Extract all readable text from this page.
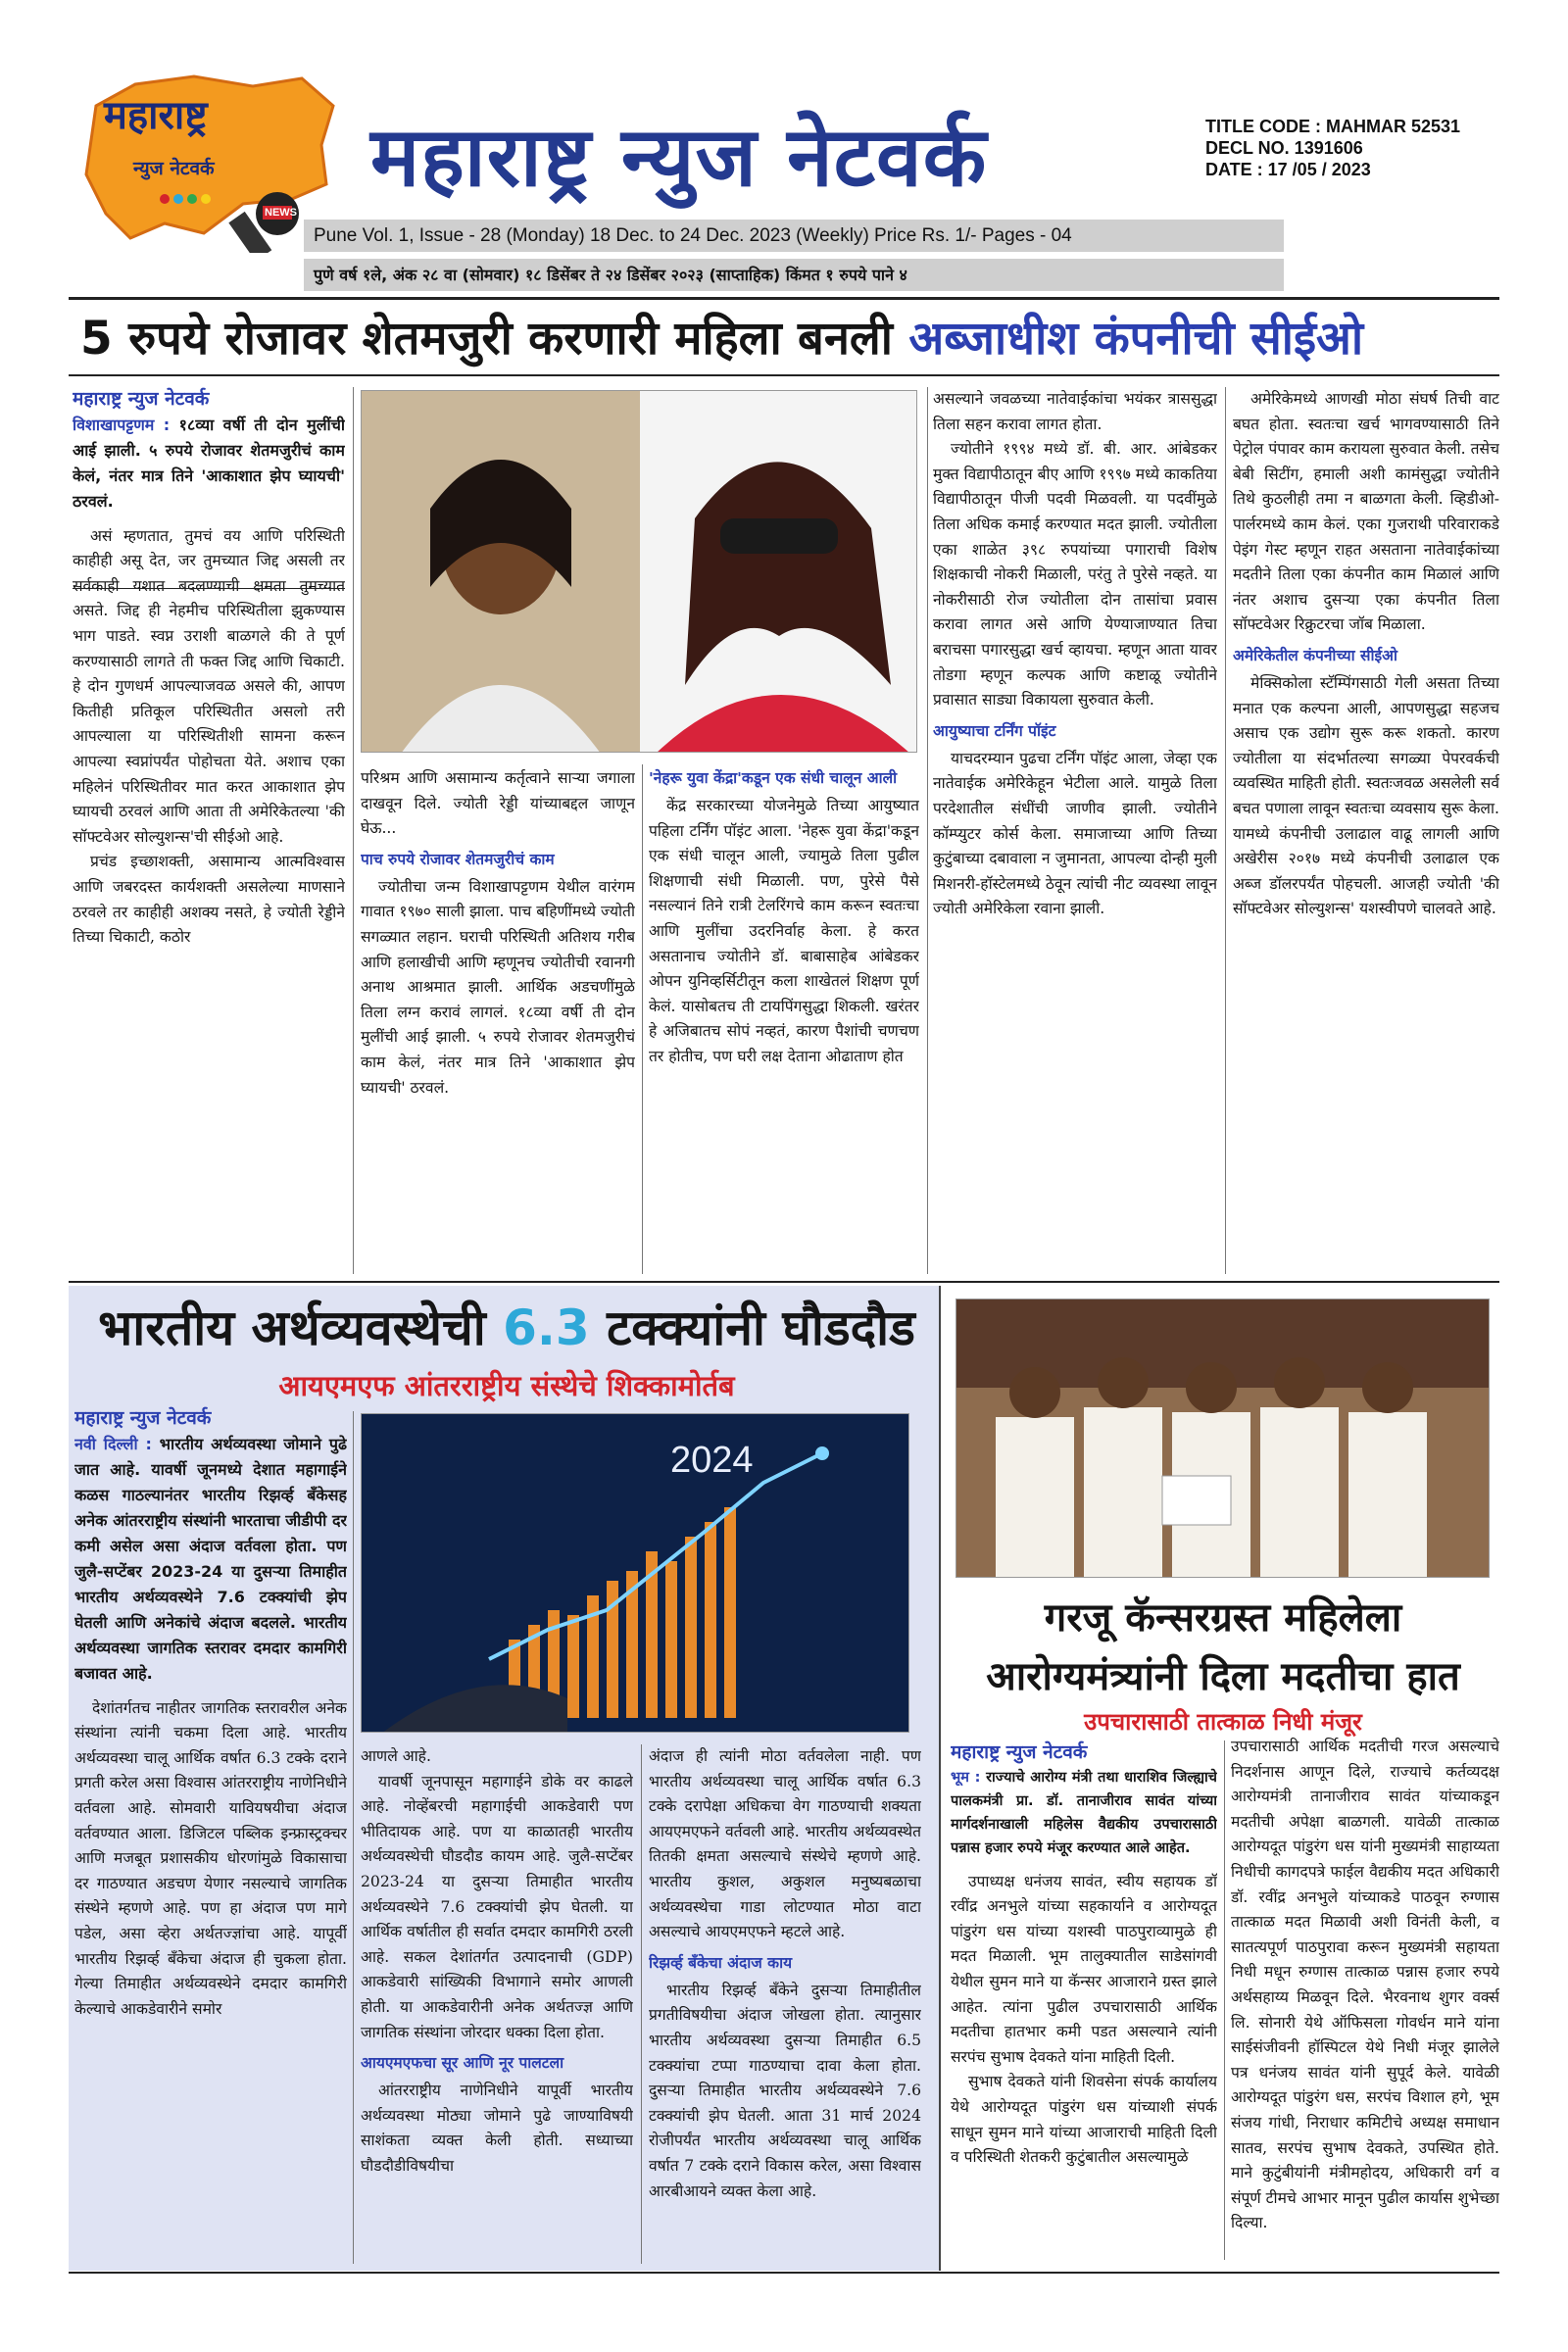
महाराष्ट्र
न्युज नेटवर्क
NEWS
महाराष्ट्र न्युज नेटवर्क	TITLE CODE : MAHMAR 52531
DECL NO. 1391606
DATE : 17 /05 / 2023
Pune Vol. 1, Issue - 28 (Monday) 18 Dec. to 24 Dec. 2023 (Weekly) Price Rs. 1/- Pages - 04
पुणे वर्ष १ले, अंक २८ वा (सोमवार) १८ डिसेंबर ते २४ डिसेंबर २०२३ (साप्ताहिक) किंमत १ रुपये पाने ४
5 रुपये रोजावर शेतमजुरी करणारी महिला बनली अब्जाधीश कंपनीची सीईओ
महाराष्ट्र न्युज नेटवर्क
विशाखापट्टणम : १८व्या वर्षी ती दोन मुलींची आई झाली. ५ रुपये रोजावर शेतमजुरीचं काम केलं, नंतर मात्र तिने 'आकाशात झेप घ्यायची' ठरवलं.

असं म्हणतात, तुमचं वय आणि परिस्थिती काहीही असू देत, जर तुमच्यात जिद्द असली तर सर्वकाही यशात बदलण्याची क्षमता तुमच्यात असते. जिद्द ही नेहमीच परिस्थितीला झुकण्यास भाग पाडते. स्वप्न उराशी बाळगले की ते पूर्ण करण्यासाठी लागते ती फक्त जिद्द आणि चिकाटी. हे दोन गुणधर्म आपल्याजवळ असले की, आपण कितीही प्रतिकूल परिस्थितीत असलो तरी आपल्याला या परिस्थितीशी सामना करून आपल्या स्वप्नांपर्यंत पोहोचता येते. अशाच एका महिलेनं परिस्थितीवर मात करत आकाशात झेप घ्यायची ठरवलं आणि आता ती अमेरिकेतल्या 'की सॉफ्टवेअर सोल्युशन्स'ची सीईओ आहे.

प्रचंड इच्छाशक्ती, असामान्य आत्मविश्वास आणि जबरदस्त कार्यशक्ती असलेल्या माणसाने ठरवले तर काहीही अशक्य नसते, हे ज्योती रेड्डीने तिच्या चिकाटी, कठोर

परिश्रम आणि असामान्य कर्तृत्वाने साऱ्या जगाला दाखवून दिले. ज्योती रेड्डी यांच्याबद्दल जाणून घेऊ...

पाच रुपये रोजावर शेतमजुरीचं काम

ज्योतीचा जन्म विशाखापट्टणम येथील वारंगम गावात १९७० साली झाला. पाच बहिणींमध्ये ज्योती सगळ्यात लहान. घराची परिस्थिती अतिशय गरीब आणि हलाखीची आणि म्हणूनच ज्योतीची रवानगी अनाथ आश्रमात झाली. आर्थिक अडचणींमुळे तिला लग्न करावं लागलं. १८व्या वर्षी ती दोन मुलींची आई झाली. ५ रुपये रोजावर शेतमजुरीचं काम केलं, नंतर मात्र तिने 'आकाशात झेप घ्यायची' ठरवलं.

'नेहरू युवा केंद्रा'कडून एक संधी चालून आली

केंद्र सरकारच्या योजनेमुळे तिच्या आयुष्यात पहिला टर्निंग पॉइंट आला. 'नेहरू युवा केंद्रा'कडून एक संधी चालून आली, ज्यामुळे तिला पुढील शिक्षणाची संधी मिळाली. पण, पुरेसे पैसे नसल्यानं तिने रात्री टेलरिंगचे काम करून स्वतःचा आणि मुलींचा उदरनिर्वाह केला. हे करत असतानाच ज्योतीने डॉ. बाबासाहेब आंबेडकर ओपन युनिव्हर्सिटीतून कला शाखेतलं शिक्षण पूर्ण केलं. यासोबतच ती टायपिंगसुद्धा शिकली. खरंतर हे अजिबातच सोपं नव्हतं, कारण पैशांची चणचण तर होतीच, पण घरी लक्ष देताना ओढाताण होत

असल्याने जवळच्या नातेवाईकांचा भयंकर त्राससुद्धा तिला सहन करावा लागत होता.

ज्योतीने १९९४ मध्ये डॉ. बी. आर. आंबेडकर मुक्त विद्यापीठातून बीए आणि १९९७ मध्ये काकतिया विद्यापीठातून पीजी पदवी मिळवली. या पदवींमुळे तिला अधिक कमाई करण्यात मदत झाली. ज्योतीला एका शाळेत ३९८ रुपयांच्या पगाराची विशेष शिक्षकाची नोकरी मिळाली, परंतु ते पुरेसे नव्हते. या नोकरीसाठी रोज ज्योतीला दोन तासांचा प्रवास करावा लागत असे आणि येण्याजाण्यात तिचा बराचसा पगारसुद्धा खर्च व्हायचा. म्हणून आता यावर तोडगा म्हणून कल्पक आणि कष्टाळू ज्योतीने प्रवासात साड्या विकायला सुरुवात केली.

आयुष्याचा टर्निंग पॉइंट

याचदरम्यान पुढचा टर्निंग पॉइंट आला, जेव्हा एक नातेवाईक अमेरिकेहून भेटीला आले. यामुळे तिला परदेशातील संधींची जाणीव झाली. ज्योतीने कॉम्प्युटर कोर्स केला. समाजाच्या आणि तिच्या कुटुंबाच्या दबावाला न जुमानता, आपल्या दोन्ही मुली मिशनरी-हॉस्टेलमध्ये ठेवून त्यांची नीट व्यवस्था लावून ज्योती अमेरिकेला रवाना झाली.

अमेरिकेमध्ये आणखी मोठा संघर्ष तिची वाट बघत होता. स्वतःचा खर्च भागवण्यासाठी तिने पेट्रोल पंपावर काम करायला सुरुवात केली. तसेच बेबी सिटींग, हमाली अशी कामंसुद्धा ज्योतीने तिथे कुठलीही तमा न बाळगता केली. व्हिडीओ-पार्लरमध्ये काम केलं. एका गुजराथी परिवाराकडे पेइंग गेस्ट म्हणून राहत असताना नातेवाईकांच्या मदतीने तिला एका कंपनीत काम मिळालं आणि नंतर अशाच दुसऱ्या एका कंपनीत तिला सॉफ्टवेअर रिक्रुटरचा जॉब मिळाला.

अमेरिकेतील कंपनीच्या सीईओ

मेक्सिकोला स्टॅम्पिंगसाठी गेली असता तिच्या मनात एक कल्पना आली, आपणसुद्धा सहजच असाच एक उद्योग सुरू करू शकतो. कारण ज्योतीला या संदर्भातल्या सगळ्या पेपरवर्कची व्यवस्थित माहिती होती. स्वतःजवळ असलेली सर्व बचत पणाला लावून स्वतःचा व्यवसाय सुरू केला. यामध्ये कंपनीची उलाढाल वाढू लागली आणि अखेरीस २०१७ मध्ये कंपनीची उलाढाल एक अब्ज डॉलरपर्यंत पोहचली. आजही ज्योती 'की सॉफ्टवेअर सोल्युशन्स' यशस्वीपणे चालवते आहे.

भारतीय अर्थव्यवस्थेची 6.3 टक्क्यांनी घौडदौड
आयएमएफ आंतरराष्ट्रीय संस्थेचे शिक्कामोर्तब
महाराष्ट्र न्युज नेटवर्क
नवी दिल्ली : भारतीय अर्थव्यवस्था जोमाने पुढे जात आहे. यावर्षी जूनमध्ये देशात महागाईने कळस गाठल्यानंतर भारतीय रिझर्व्ह बँकेसह अनेक आंतरराष्ट्रीय संस्थांनी भारताचा जीडीपी दर कमी असेल असा अंदाज वर्तवला होता. पण जुलै-सप्टेंबर 2023-24 या दुसऱ्या तिमाहीत भारतीय अर्थव्यवस्थेने 7.6 टक्क्यांची झेप घेतली आणि अनेकांचे अंदाज बदलले. भारतीय अर्थव्यवस्था जागतिक स्तरावर दमदार कामगिरी बजावत आहे.

देशांतर्गतच नाहीतर जागतिक स्तरावरील अनेक संस्थांना त्यांनी चकमा दिला आहे. भारतीय अर्थव्यवस्था चालू आर्थिक वर्षात 6.3 टक्के दराने प्रगती करेल असा विश्वास आंतरराष्ट्रीय नाणेनिधीने वर्तवला आहे. सोमवारी यावियषयीचा अंदाज वर्तवण्यात आला. डिजिटल पब्लिक इन्फ्रास्ट्रक्चर आणि मजबूत प्रशासकीय धोरणांमुळे विकासाचा दर गाठण्यात अडचण येणार नसल्याचे जागतिक संस्थेने म्हणणे आहे. पण हा अंदाज पण मागे पडेल, असा व्हेरा अर्थतज्ज्ञांचा आहे. यापूर्वी भारतीय रिझर्व्ह बँकेचा अंदाज ही चुकला होता. गेल्या तिमाहीत अर्थव्यवस्थेने दमदार कामगिरी केल्याचे आकडेवारीने समोर

2024

आणले आहे.

यावर्षी जूनपासून महागाईने डोके वर काढले आहे. नोव्हेंबरची महागाईची आकडेवारी पण भीतिदायक आहे. पण या काळातही भारतीय अर्थव्यवस्थेची घौडदौड कायम आहे. जुलै-सप्टेंबर 2023-24 या दुसऱ्या तिमाहीत भारतीय अर्थव्यवस्थेने 7.6 टक्क्यांची झेप घेतली. या आर्थिक वर्षातील ही सर्वात दमदार कामगिरी ठरली आहे. सकल देशांतर्गत उत्पादनाची (GDP) आकडेवारी सांख्यिकी विभागाने समोर आणली होती. या आकडेवारीनी अनेक अर्थतज्ज्ञ आणि जागतिक संस्थांना जोरदार धक्का दिला होता.

आयएमएफचा सूर आणि नूर पालटला

आंतरराष्ट्रीय नाणेनिधीने यापूर्वी भारतीय अर्थव्यवस्था मोठ्या जोमाने पुढे जाण्याविषयी साशंकता व्यक्त केली होती. सध्याच्या घौडदौडीविषयीचा

अंदाज ही त्यांनी मोठा वर्तवलेला नाही. पण भारतीय अर्थव्यवस्था चालू आर्थिक वर्षात 6.3 टक्के दरापेक्षा अधिकचा वेग गाठण्याची शक्यता आयएमएफने वर्तवली आहे. भारतीय अर्थव्यवस्थेत तितकी क्षमता असल्याचे संस्थेचे म्हणणे आहे. भारतीय कुशल, अकुशल मनुष्यबळाचा अर्थव्यवस्थेचा गाडा लोटण्यात मोठा वाटा असल्याचे आयएमएफने म्हटले आहे.

रिझर्व्ह बँकेचा अंदाज काय

भारतीय रिझर्व्ह बँकेने दुसऱ्या तिमाहीतील प्रगतीविषयीचा अंदाज जोखला होता. त्यानुसार भारतीय अर्थव्यवस्था दुसऱ्या तिमाहीत 6.5 टक्क्यांचा टप्पा गाठण्याचा दावा केला होता. दुसऱ्या तिमाहीत भारतीय अर्थव्यवस्थेने 7.6 टक्क्यांची झेप घेतली. आता 31 मार्च 2024 रोजीपर्यंत भारतीय अर्थव्यवस्था चालू आर्थिक वर्षात 7 टक्के दराने विकास करेल, असा विश्वास आरबीआयने व्यक्त केला आहे.

गरजू कॅन्सरग्रस्त महिलेला
आरोग्यमंत्र्यांनी दिला मदतीचा हात
उपचारासाठी तात्काळ निधी मंजूर
महाराष्ट्र न्युज नेटवर्क
भूम : राज्याचे आरोग्य मंत्री तथा धाराशिव जिल्ह्याचे पालकमंत्री प्रा. डॉ. तानाजीराव सावंत यांच्या मार्गदर्शनाखाली महिलेस वैद्यकीय उपचारासाठी पन्नास हजार रुपये मंजूर करण्यात आले आहेत.

उपाध्यक्ष धनंजय सावंत, स्वीय सहायक डॉ रवींद्र अनभुले यांच्या सहकार्याने व आरोग्यदूत पांडुरंग धस यांच्या यशस्वी पाठपुराव्यामुळे ही मदत मिळाली. भूम तालुक्यातील साडेसांगवी येथील सुमन माने या कॅन्सर आजाराने ग्रस्त झाले आहेत. त्यांना पुढील उपचारासाठी आर्थिक मदतीचा हातभार कमी पडत असल्याने त्यांनी सरपंच सुभाष देवकते यांना माहिती दिली.

सुभाष देवकते यांनी शिवसेना संपर्क कार्यालय येथे आरोग्यदूत पांडुरंग धस यांच्याशी संपर्क साधून सुमन माने यांच्या आजाराची माहिती दिली व परिस्थिती शेतकरी कुटुंबातील असल्यामुळे

उपचारासाठी आर्थिक मदतीची गरज असल्याचे निदर्शनास आणून दिले, राज्याचे कर्तव्यदक्ष आरोग्यमंत्री तानाजीराव सावंत यांच्याकडून मदतीची अपेक्षा बाळगली. यावेळी तात्काळ आरोग्यदूत पांडुरंग धस यांनी मुख्यमंत्री साहाय्यता निधीची कागदपत्रे फाईल वैद्यकीय मदत अधिकारी डॉ. रवींद्र अनभुले यांच्याकडे पाठवून रुग्णास तात्काळ मदत मिळावी अशी विनंती केली, व सातत्यपूर्ण पाठपुरावा करून मुख्यमंत्री सहायता निधी मधून रुग्णास तात्काळ पन्नास हजार रुपये अर्थसहाय्य मिळवून दिले. भैरवनाथ शुगर वर्क्स लि. सोनारी येथे ऑफिसला गोवर्धन माने यांना साईसंजीवनी हॉस्पिटल येथे निधी मंजूर झालेले पत्र धनंजय सावंत यांनी सुपूर्द केले. यावेळी आरोग्यदूत पांडुरंग धस, सरपंच विशाल हगे, भूम संजय गांधी, निराधार कमिटीचे अध्यक्ष समाधान सातव, सरपंच सुभाष देवकते, उपस्थित होते. माने कुटुंबीयांनी मंत्रीमहोदय, अधिकारी वर्ग व संपूर्ण टीमचे आभार मानून पुढील कार्यास शुभेच्छा दिल्या.
